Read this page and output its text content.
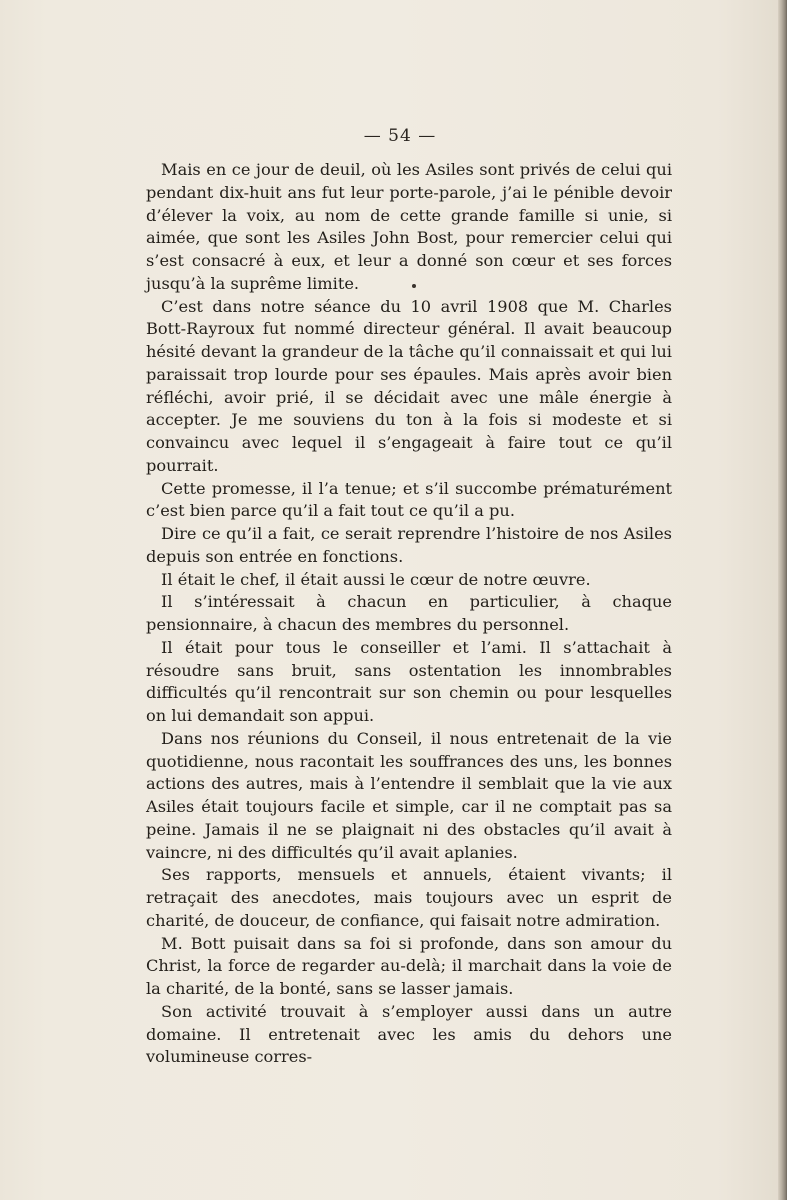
— 54 —

Mais en ce jour de deuil, où les Asiles sont privés de celui qui pendant dix-huit ans fut leur porte-parole, j’ai le pénible devoir d’élever la voix, au nom de cette grande famille si unie, si aimée, que sont les Asiles John Bost, pour remercier celui qui s’est consacré à eux, et leur a donné son cœur et ses forces jusqu’à la suprême limite.

C’est dans notre séance du 10 avril 1908 que M. Charles Bott-Rayroux fut nommé directeur général. Il avait beaucoup hésité devant la grandeur de la tâche qu’il connaissait et qui lui paraissait trop lourde pour ses épaules. Mais après avoir bien réfléchi, avoir prié, il se décidait avec une mâle énergie à accepter. Je me souviens du ton à la fois si modeste et si convaincu avec lequel il s’engageait à faire tout ce qu’il pourrait.

Cette promesse, il l’a tenue; et s’il succombe prématurément c’est bien parce qu’il a fait tout ce qu’il a pu.

Dire ce qu’il a fait, ce serait reprendre l’histoire de nos Asiles depuis son entrée en fonctions.

Il était le chef, il était aussi le cœur de notre œuvre.

Il s’intéressait à chacun en particulier, à chaque pensionnaire, à chacun des membres du personnel.

Il était pour tous le conseiller et l’ami. Il s’attachait à résoudre sans bruit, sans ostentation les innombrables difficultés qu’il rencontrait sur son chemin ou pour lesquelles on lui demandait son appui.

Dans nos réunions du Conseil, il nous entretenait de la vie quotidienne, nous racontait les souffrances des uns, les bonnes actions des autres, mais à l’entendre il semblait que la vie aux Asiles était toujours facile et simple, car il ne comptait pas sa peine. Jamais il ne se plaignait ni des obstacles qu’il avait à vaincre, ni des difficultés qu’il avait aplanies.

Ses rapports, mensuels et annuels, étaient vivants; il retraçait des anecdotes, mais toujours avec un esprit de charité, de douceur, de confiance, qui faisait notre admiration.

M. Bott puisait dans sa foi si profonde, dans son amour du Christ, la force de regarder au-delà; il marchait dans la voie de la charité, de la bonté, sans se lasser jamais.

Son activité trouvait à s’employer aussi dans un autre domaine. Il entretenait avec les amis du dehors une volumineuse corres-
